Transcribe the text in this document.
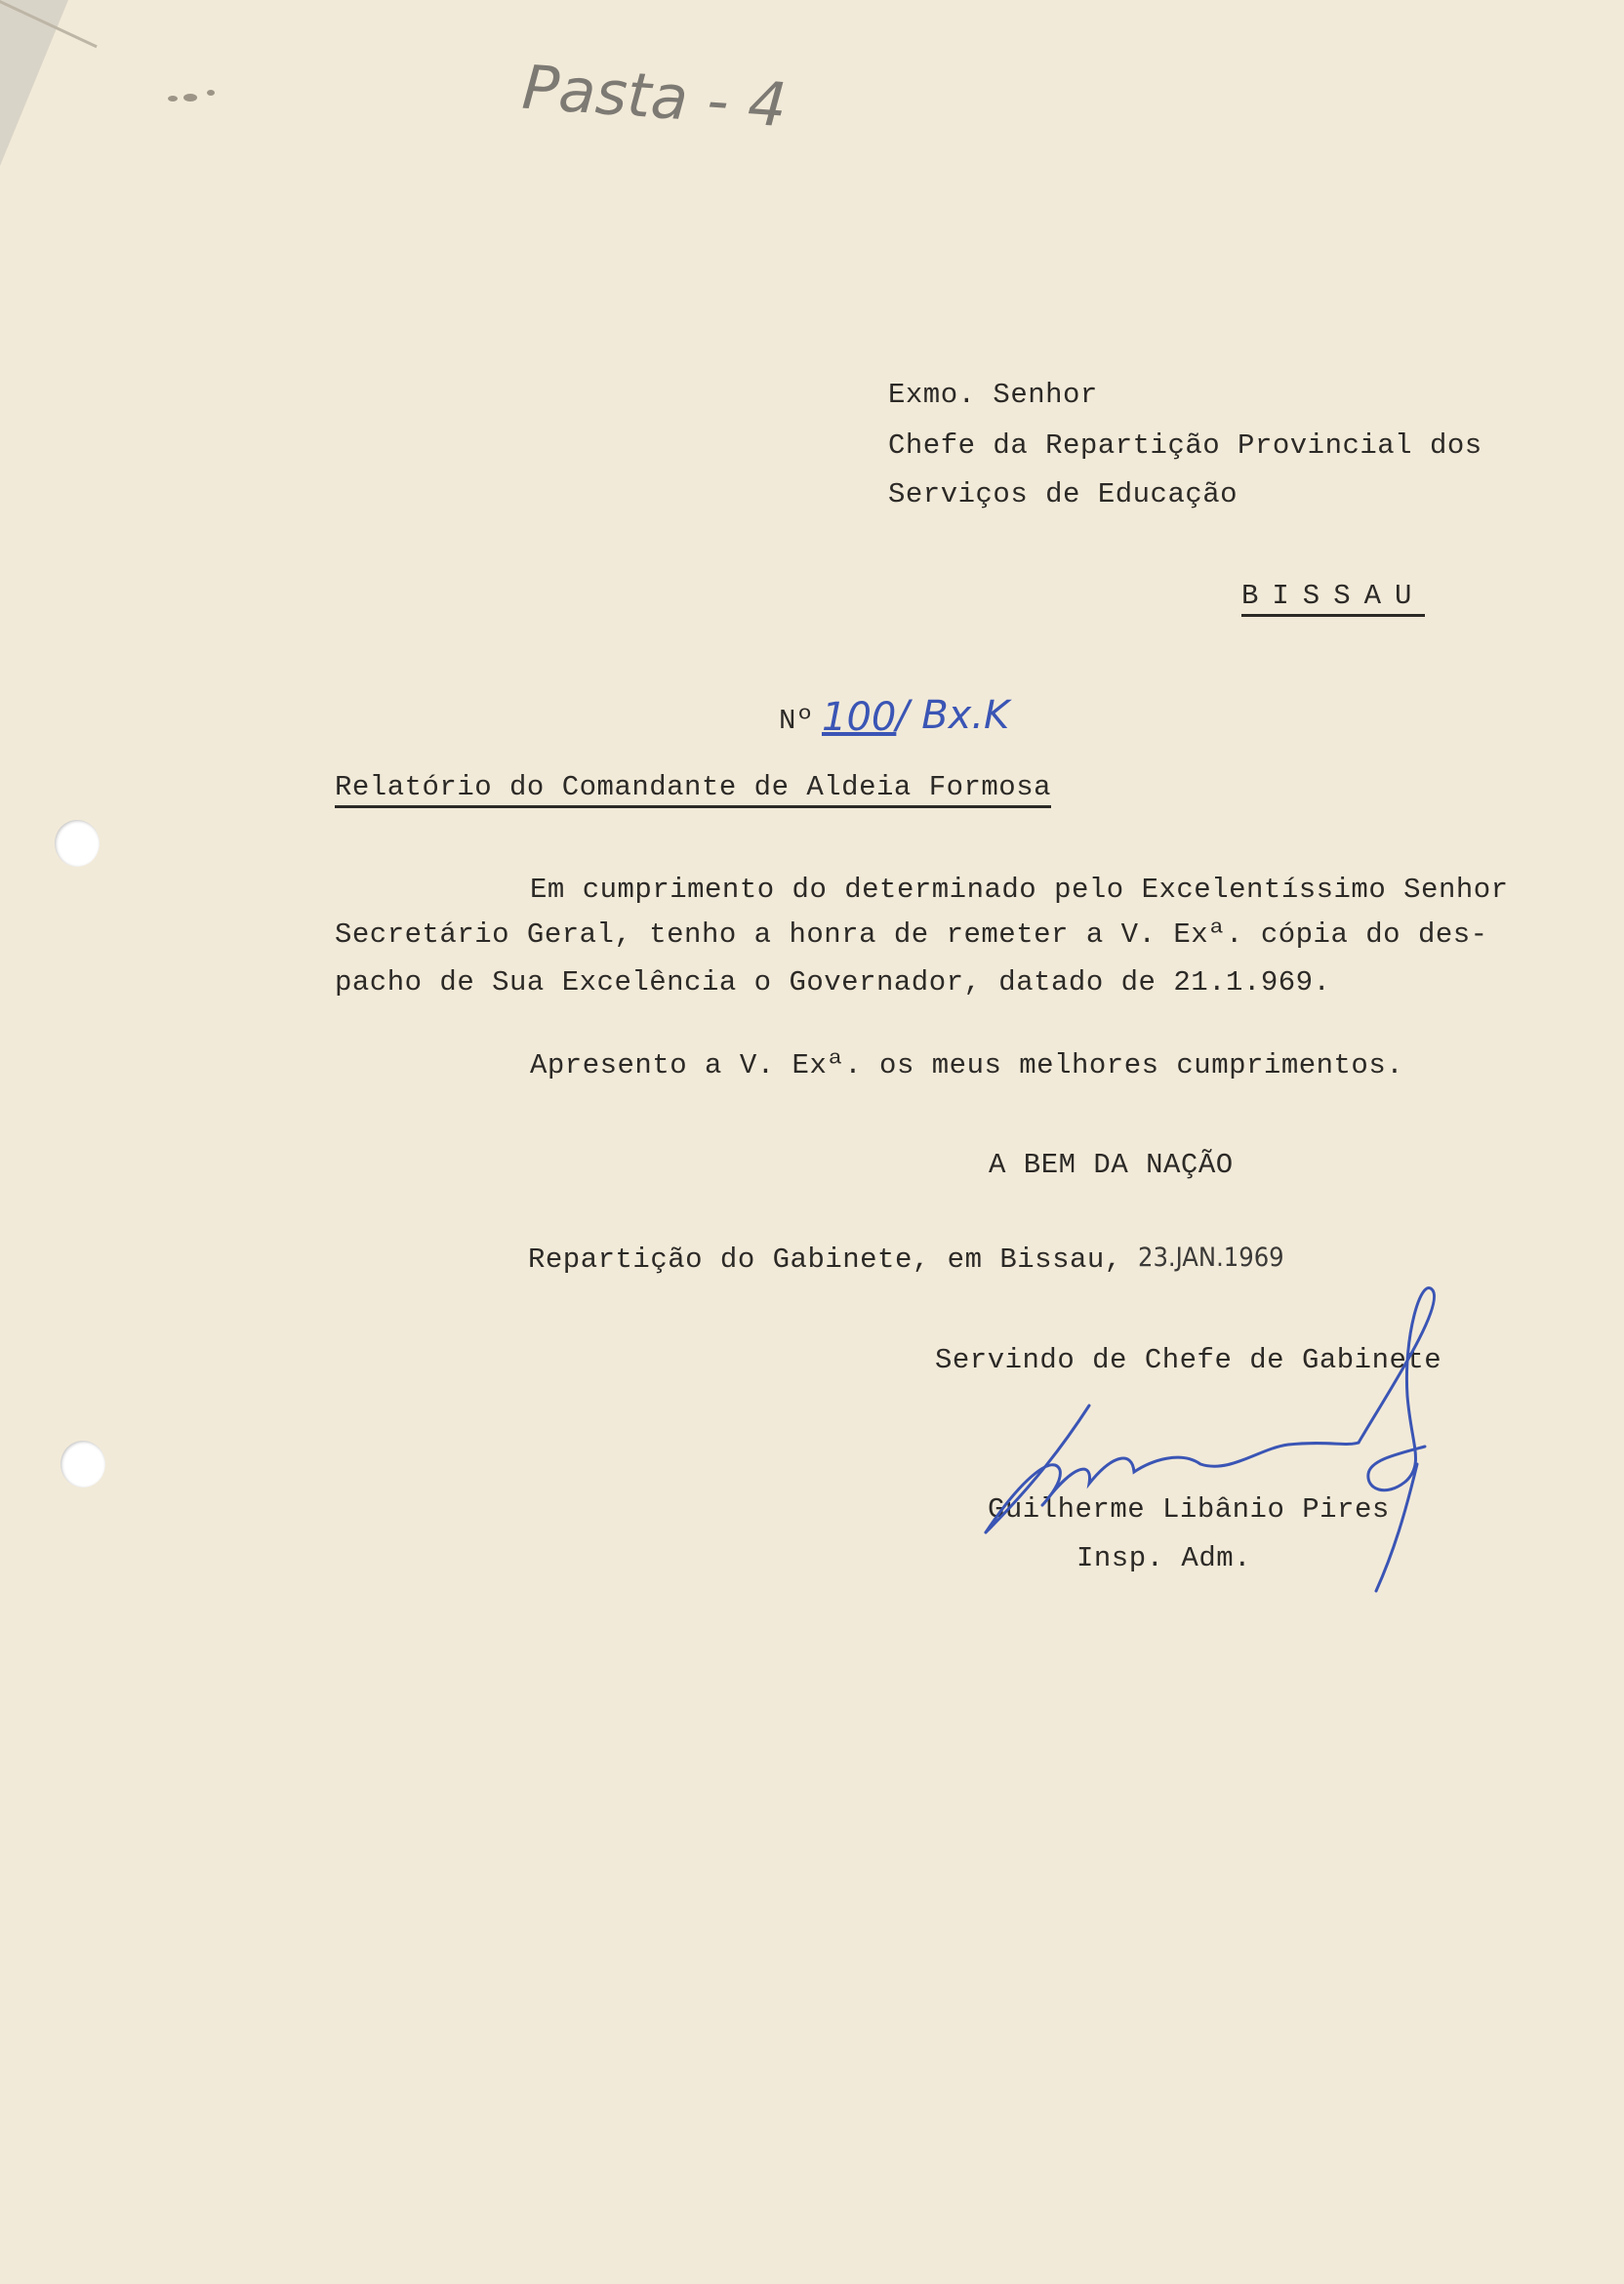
Pasta - 4
Exmo. Senhor
Chefe da Repartição Provincial dos
Serviços de Educação
BISSAU
Nº 100 / Bx.K
Relatório do Comandante de Aldeia Formosa
Em cumprimento do determinado pelo Excelentíssimo Senhor
Secretário Geral, tenho a honra de remeter a V. Exª. cópia do des-
pacho de Sua Excelência o Governador, datado de 21.1.969.
Apresento a V. Exª. os meus melhores cumprimentos.
A BEM DA NAÇÃO
Repartição do Gabinete, em Bissau, 23.JAN.1969
Servindo de Chefe de Gabinete
Guilherme Libânio Pires
Insp. Adm.
